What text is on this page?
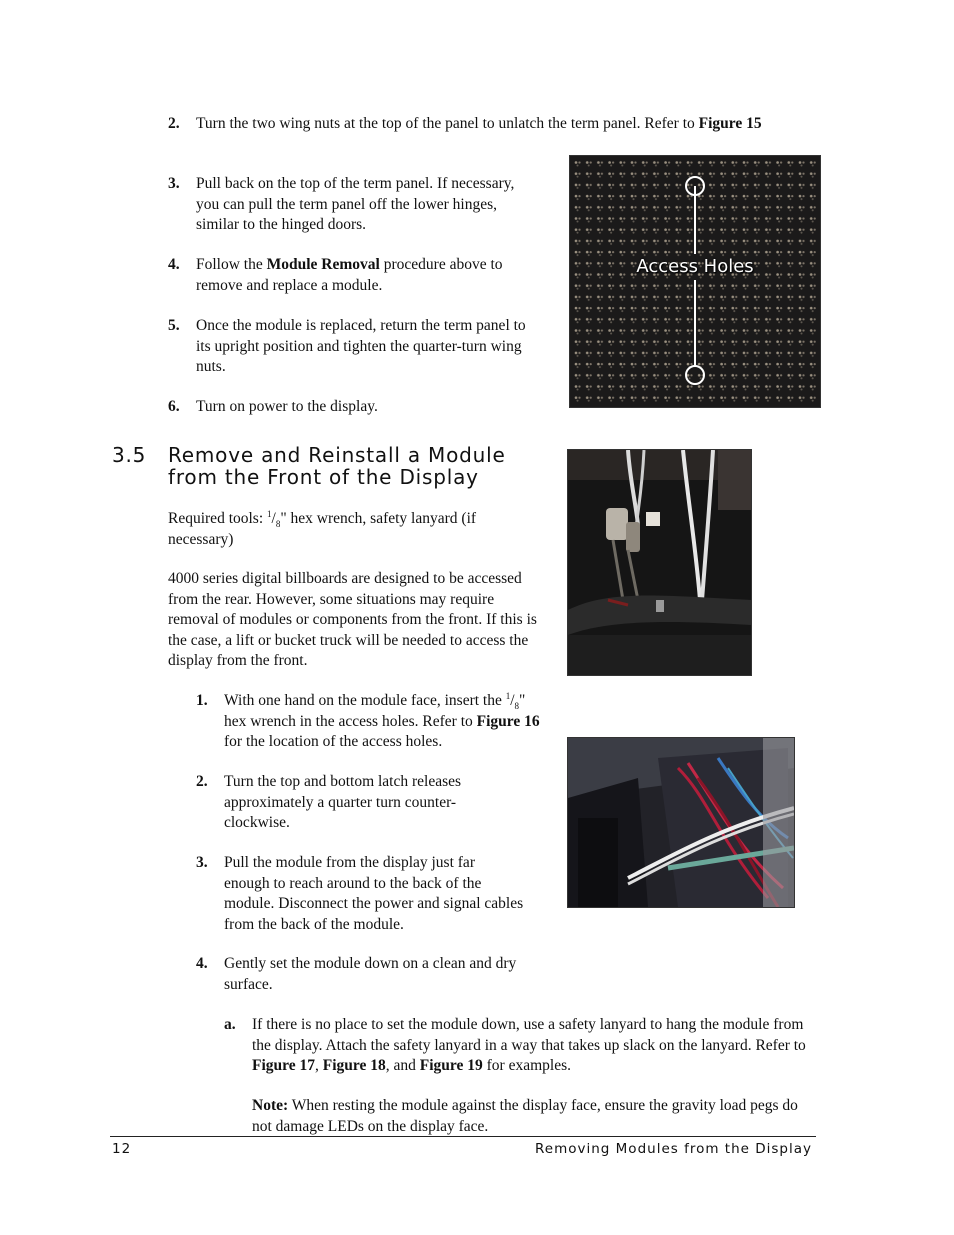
2. Turn the two wing nuts at the top of the panel to unlatch the term panel. Refer to Figure 15
3. Pull back on the top of the term panel. If necessary, you can pull the term panel off the lower hinges, similar to the hinged doors.
4. Follow the Module Removal procedure above to remove and replace a module.
5. Once the module is replaced, return the term panel to its upright position and tighten the quarter-turn wing nuts.
6. Turn on power to the display.
Access Holes
3.5 Remove and Reinstall a Module
from the Front of the Display
Required tools: $^1/_8$" hex wrench, safety lanyard (if necessary)
4000 series digital billboards are designed to be accessed from the rear. However, some situations may require removal of modules or components from the front. If this is the case, a lift or bucket truck will be needed to access the display from the front.
1. With one hand on the module face, insert the $^1/_8$" hex wrench in the access holes. Refer to Figure 16 for the location of the access holes.
2. Turn the top and bottom latch releases approximately a quarter turn counter-clockwise.
3. Pull the module from the display just far enough to reach around to the back of the module. Disconnect the power and signal cables from the back of the module.
4. Gently set the module down on a clean and dry surface.
a. If there is no place to set the module down, use a safety lanyard to hang the module from the display. Attach the safety lanyard in a way that takes up slack on the lanyard. Refer to Figure 17, Figure 18, and Figure 19 for examples.
Note: When resting the module against the display face, ensure the gravity load pegs do not damage LEDs on the display face.
12	Removing Modules from the Display
